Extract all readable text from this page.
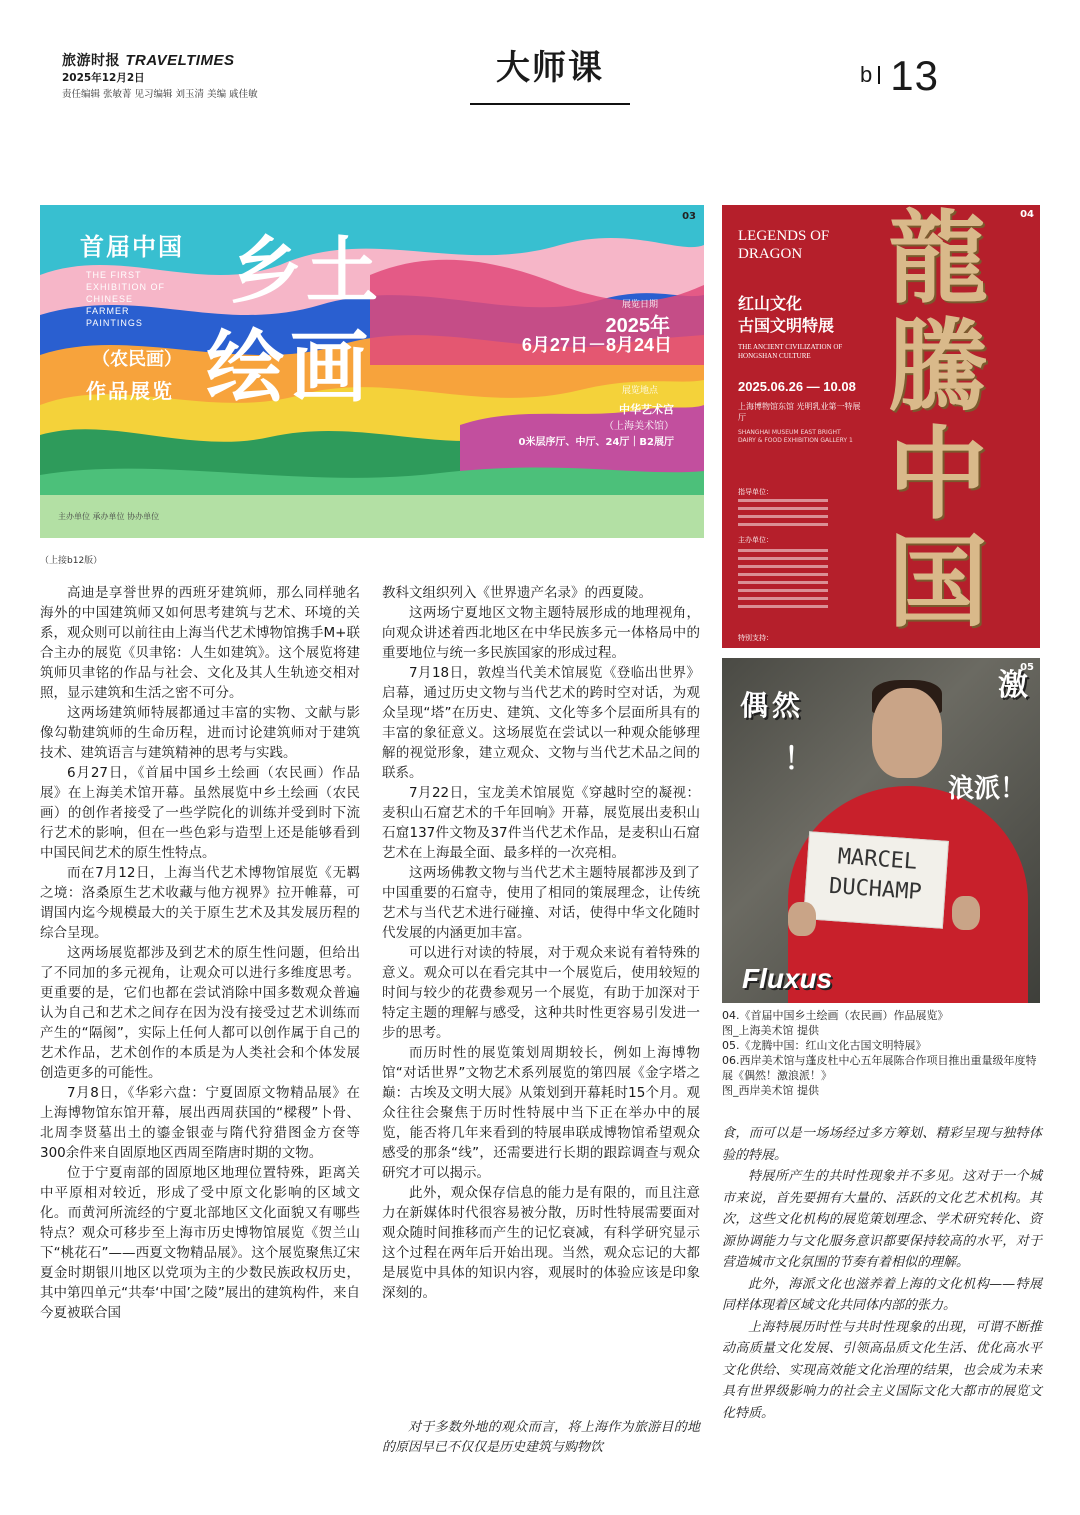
旅游时报 TRAVELTIMES
2025年12月2日
责任编辑 张敏菁 见习编辑 刘玉清 美编 戚佳敏
大师课	b 13
03
首届中国
THE FIRST EXHIBITION OF CHINESE FARMER PAINTINGS
乡土
绘画
（农民画）
作品展览
展览日期
2025年
6月27日－8月24日
展览地点
中华艺术宫
（上海美术馆）
0米层序厅、中厅、24厅｜B2展厅
主办单位 承办单位 协办单位
（上接b12版）
04
LEGENDS OF DRAGON
红山文化
古国文明特展
THE ANCIENT CIVILIZATION OF HONGSHAN CULTURE
2025.06.26 — 10.08
上海博物馆东馆 光明乳业第一特展厅
SHANGHAI MUSEUM EAST BRIGHT DAIRY & FOOD EXHIBITION GALLERY 1
指导单位：
主办单位：
特别支持：
龍
騰
中
国
MARCEL
DUCHAMP
偶然
！
激
浪派！
Fluxus
05
04.《首届中国乡土绘画（农民画）作品展览》
图_上海美术馆 提供
05.《龙腾中国：红山文化古国文明特展》
06.西岸美术馆与蓬皮杜中心五年展陈合作项目推出重量级年度特展《偶然！激浪派！》
图_西岸美术馆 提供

高迪是享誉世界的西班牙建筑师，那么同样驰名海外的中国建筑师又如何思考建筑与艺术、环境的关系，观众则可以前往由上海当代艺术博物馆携手M+联合主办的展览《贝聿铭：人生如建筑》。这个展览将建筑师贝聿铭的作品与社会、文化及其人生轨迹交相对照，显示建筑和生活之密不可分。

这两场建筑师特展都通过丰富的实物、文献与影像勾勒建筑师的生命历程，进而讨论建筑师对于建筑技术、建筑语言与建筑精神的思考与实践。

6月27日，《首届中国乡土绘画（农民画）作品展》在上海美术馆开幕。虽然展览中乡土绘画（农民画）的创作者接受了一些学院化的训练并受到时下流行艺术的影响，但在一些色彩与造型上还是能够看到中国民间艺术的原生性特点。

而在7月12日，上海当代艺术博物馆展览《无羁之境：洛桑原生艺术收藏与他方视界》拉开帷幕，可谓国内迄今规模最大的关于原生艺术及其发展历程的综合呈现。

这两场展览都涉及到艺术的原生性问题，但给出了不同加的多元视角，让观众可以进行多维度思考。更重要的是，它们也都在尝试消除中国多数观众普遍认为自己和艺术之间存在因为没有接受过艺术训练而产生的“隔阂”，实际上任何人都可以创作属于自己的艺术作品，艺术创作的本质是为人类社会和个体发展创造更多的可能性。

7月8日，《华彩六盘：宁夏固原文物精品展》在上海博物馆东馆开幕，展出西周获国的“樑稷”卜骨、北周李贤墓出土的鎏金银壶与隋代狩猎图金方奁等300余件来自固原地区西周至隋唐时期的文物。

位于宁夏南部的固原地区地理位置特殊，距离关中平原相对较近，形成了受中原文化影响的区域文化。而黄河所流经的宁夏北部地区文化面貌又有哪些特点？观众可移步至上海市历史博物馆展览《贺兰山下“桃花石”——西夏文物精品展》。这个展览聚焦辽宋夏金时期银川地区以党项为主的少数民族政权历史，其中第四单元“共奉‘中国’之陵”展出的建筑构件，来自今夏被联合国

教科文组织列入《世界遗产名录》的西夏陵。

这两场宁夏地区文物主题特展形成的地理视角，向观众讲述着西北地区在中华民族多元一体格局中的重要地位与统一多民族国家的形成过程。

7月18日，敦煌当代美术馆展览《登临出世界》启幕，通过历史文物与当代艺术的跨时空对话，为观众呈现“塔”在历史、建筑、文化等多个层面所具有的丰富的象征意义。这场展览在尝试以一种观众能够理解的视觉形象，建立观众、文物与当代艺术品之间的联系。

7月22日，宝龙美术馆展览《穿越时空的凝视：麦积山石窟艺术的千年回响》开幕，展览展出麦积山石窟137件文物及37件当代艺术作品，是麦积山石窟艺术在上海最全面、最多样的一次亮相。

这两场佛教文物与当代艺术主题特展都涉及到了中国重要的石窟寺，使用了相同的策展理念，让传统艺术与当代艺术进行碰撞、对话，使得中华文化随时代发展的内涵更加丰富。

可以进行对读的特展，对于观众来说有着特殊的意义。观众可以在看完其中一个展览后，使用较短的时间与较少的花费参观另一个展览，有助于加深对于特定主题的理解与感受，这种共时性更容易引发进一步的思考。

而历时性的展览策划周期较长，例如上海博物馆“对话世界”文物艺术系列展览的第四展《金字塔之巅：古埃及文明大展》从策划到开幕耗时15个月。观众往往会聚焦于历时性特展中当下正在举办中的展览，能否将几年来看到的特展串联成博物馆希望观众感受的那条“线”，还需要进行长期的跟踪调查与观众研究才可以揭示。

此外，观众保存信息的能力是有限的，而且注意力在新媒体时代很容易被分散，历时性特展需要面对观众随时间推移而产生的记忆衰减，有科学研究显示这个过程在两年后开始出现。当然，观众忘记的大都是展览中具体的知识内容，观展时的体验应该是印象深刻的。

对于多数外地的观众而言，将上海作为旅游目的地的原因早已不仅仅是历史建筑与购物饮

食，而可以是一场场经过多方筹划、精彩呈现与独特体验的特展。

特展所产生的共时性现象并不多见。这对于一个城市来说，首先要拥有大量的、活跃的文化艺术机构。其次，这些文化机构的展览策划理念、学术研究转化、资源协调能力与文化服务意识都要保持较高的水平，对于营造城市文化氛围的节奏有着相似的理解。

此外，海派文化也滋养着上海的文化机构——特展同样体现着区域文化共同体内部的张力。

上海特展历时性与共时性现象的出现，可谓不断推动高质量文化发展、引领高品质文化生活、优化高水平文化供给、实现高效能文化治理的结果，也会成为未来具有世界级影响力的社会主义国际文化大都市的展览文化特质。
